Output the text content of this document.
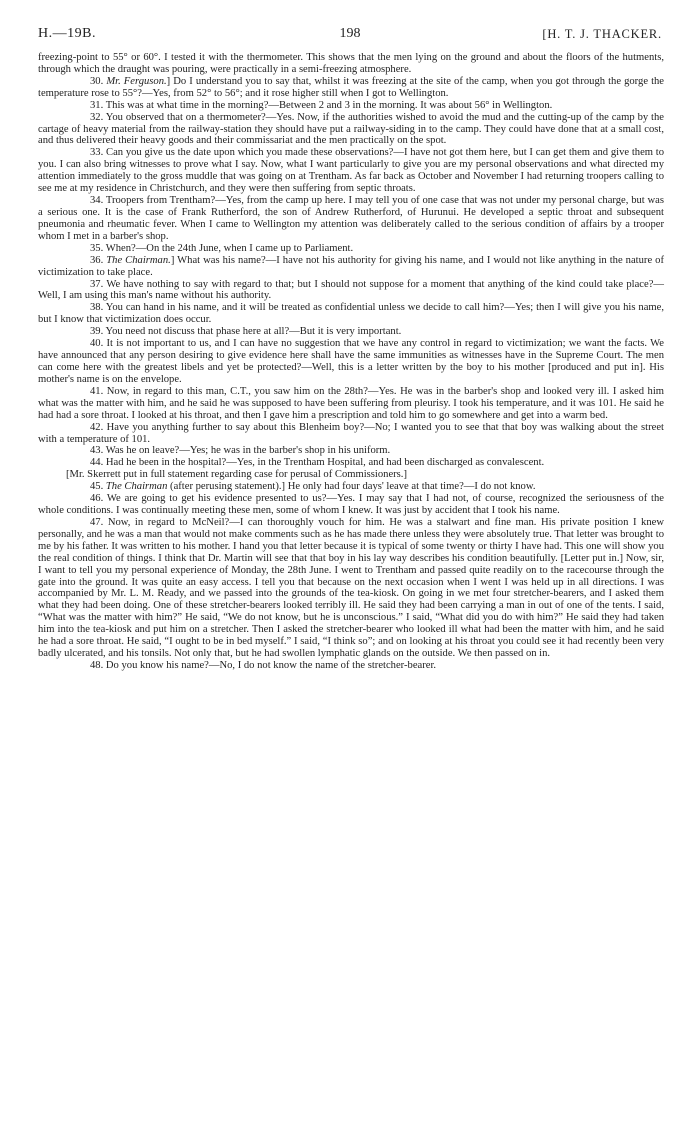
H.—19B.	198	[H. T. J. THACKER.

freezing-point to 55° or 60°. I tested it with the thermometer. This shows that the men lying on the ground and about the floors of the hutments, through which the draught was pouring, were practically in a semi-freezing atmosphere.

30. Mr. Ferguson.] Do I understand you to say that, whilst it was freezing at the site of the camp, when you got through the gorge the temperature rose to 55°?—Yes, from 52° to 56°; and it rose higher still when I got to Wellington.

31. This was at what time in the morning?—Between 2 and 3 in the morning. It was about 56° in Wellington.

32. You observed that on a thermometer?—Yes. Now, if the authorities wished to avoid the mud and the cutting-up of the camp by the cartage of heavy material from the railway-station they should have put a railway-siding in to the camp. They could have done that at a small cost, and thus delivered their heavy goods and their commissariat and the men practically on the spot.

33. Can you give us the date upon which you made these observations?—I have not got them here, but I can get them and give them to you. I can also bring witnesses to prove what I say. Now, what I want particularly to give you are my personal observations and what directed my attention immediately to the gross muddle that was going on at Trentham. As far back as October and November I had returning troopers calling to see me at my residence in Christchurch, and they were then suffering from septic throats.

34. Troopers from Trentham?—Yes, from the camp up here. I may tell you of one case that was not under my personal charge, but was a serious one. It is the case of Frank Rutherford, the son of Andrew Rutherford, of Hurunui. He developed a septic throat and subsequent pneumonia and rheumatic fever. When I came to Wellington my attention was deliberately called to the serious condition of affairs by a trooper whom I met in a barber's shop.

35. When?—On the 24th June, when I came up to Parliament.

36. The Chairman.] What was his name?—I have not his authority for giving his name, and I would not like anything in the nature of victimization to take place.

37. We have nothing to say with regard to that; but I should not suppose for a moment that anything of the kind could take place?—Well, I am using this man's name without his authority.

38. You can hand in his name, and it will be treated as confidential unless we decide to call him?—Yes; then I will give you his name, but I know that victimization does occur.

39. You need not discuss that phase here at all?—But it is very important.

40. It is not important to us, and I can have no suggestion that we have any control in regard to victimization; we want the facts. We have announced that any person desiring to give evidence here shall have the same immunities as witnesses have in the Supreme Court. The men can come here with the greatest libels and yet be protected?—Well, this is a letter written by the boy to his mother [produced and put in]. His mother's name is on the envelope.

41. Now, in regard to this man, C.T., you saw him on the 28th?—Yes. He was in the barber's shop and looked very ill. I asked him what was the matter with him, and he said he was supposed to have been suffering from pleurisy. I took his temperature, and it was 101. He said he had had a sore throat. I looked at his throat, and then I gave him a prescription and told him to go somewhere and get into a warm bed.

42. Have you anything further to say about this Blenheim boy?—No; I wanted you to see that that boy was walking about the street with a temperature of 101.

43. Was he on leave?—Yes; he was in the barber's shop in his uniform.

44. Had he been in the hospital?—Yes, in the Trentham Hospital, and had been discharged as convalescent.

[Mr. Skerrett put in full statement regarding case for perusal of Commissioners.]

45. The Chairman (after perusing statement).] He only had four days' leave at that time?—I do not know.

46. We are going to get his evidence presented to us?—Yes. I may say that I had not, of course, recognized the seriousness of the whole conditions. I was continually meeting these men, some of whom I knew. It was just by accident that I took his name.

47. Now, in regard to McNeil?—I can thoroughly vouch for him. He was a stalwart and fine man. His private position I knew personally, and he was a man that would not make comments such as he has made there unless they were absolutely true. That letter was brought to me by his father. It was written to his mother. I hand you that letter because it is typical of some twenty or thirty I have had. This one will show you the real condition of things. I think that Dr. Martin will see that that boy in his lay way describes his condition beautifully. [Letter put in.] Now, sir, I want to tell you my personal experience of Monday, the 28th June. I went to Trentham and passed quite readily on to the racecourse through the gate into the ground. It was quite an easy access. I tell you that because on the next occasion when I went I was held up in all directions. I was accompanied by Mr. L. M. Ready, and we passed into the grounds of the tea-kiosk. On going in we met four stretcher-bearers, and I asked them what they had been doing. One of these stretcher-bearers looked terribly ill. He said they had been carrying a man in out of one of the tents. I said, “What was the matter with him?” He said, “We do not know, but he is unconscious.” I said, “What did you do with him?” He said they had taken him into the tea-kiosk and put him on a stretcher. Then I asked the stretcher-bearer who looked ill what had been the matter with him, and he said he had a sore throat. He said, “I ought to be in bed myself.” I said, “I think so”; and on looking at his throat you could see it had recently been very badly ulcerated, and his tonsils. Not only that, but he had swollen lymphatic glands on the outside. We then passed on in.

48. Do you know his name?—No, I do not know the name of the stretcher-bearer.
